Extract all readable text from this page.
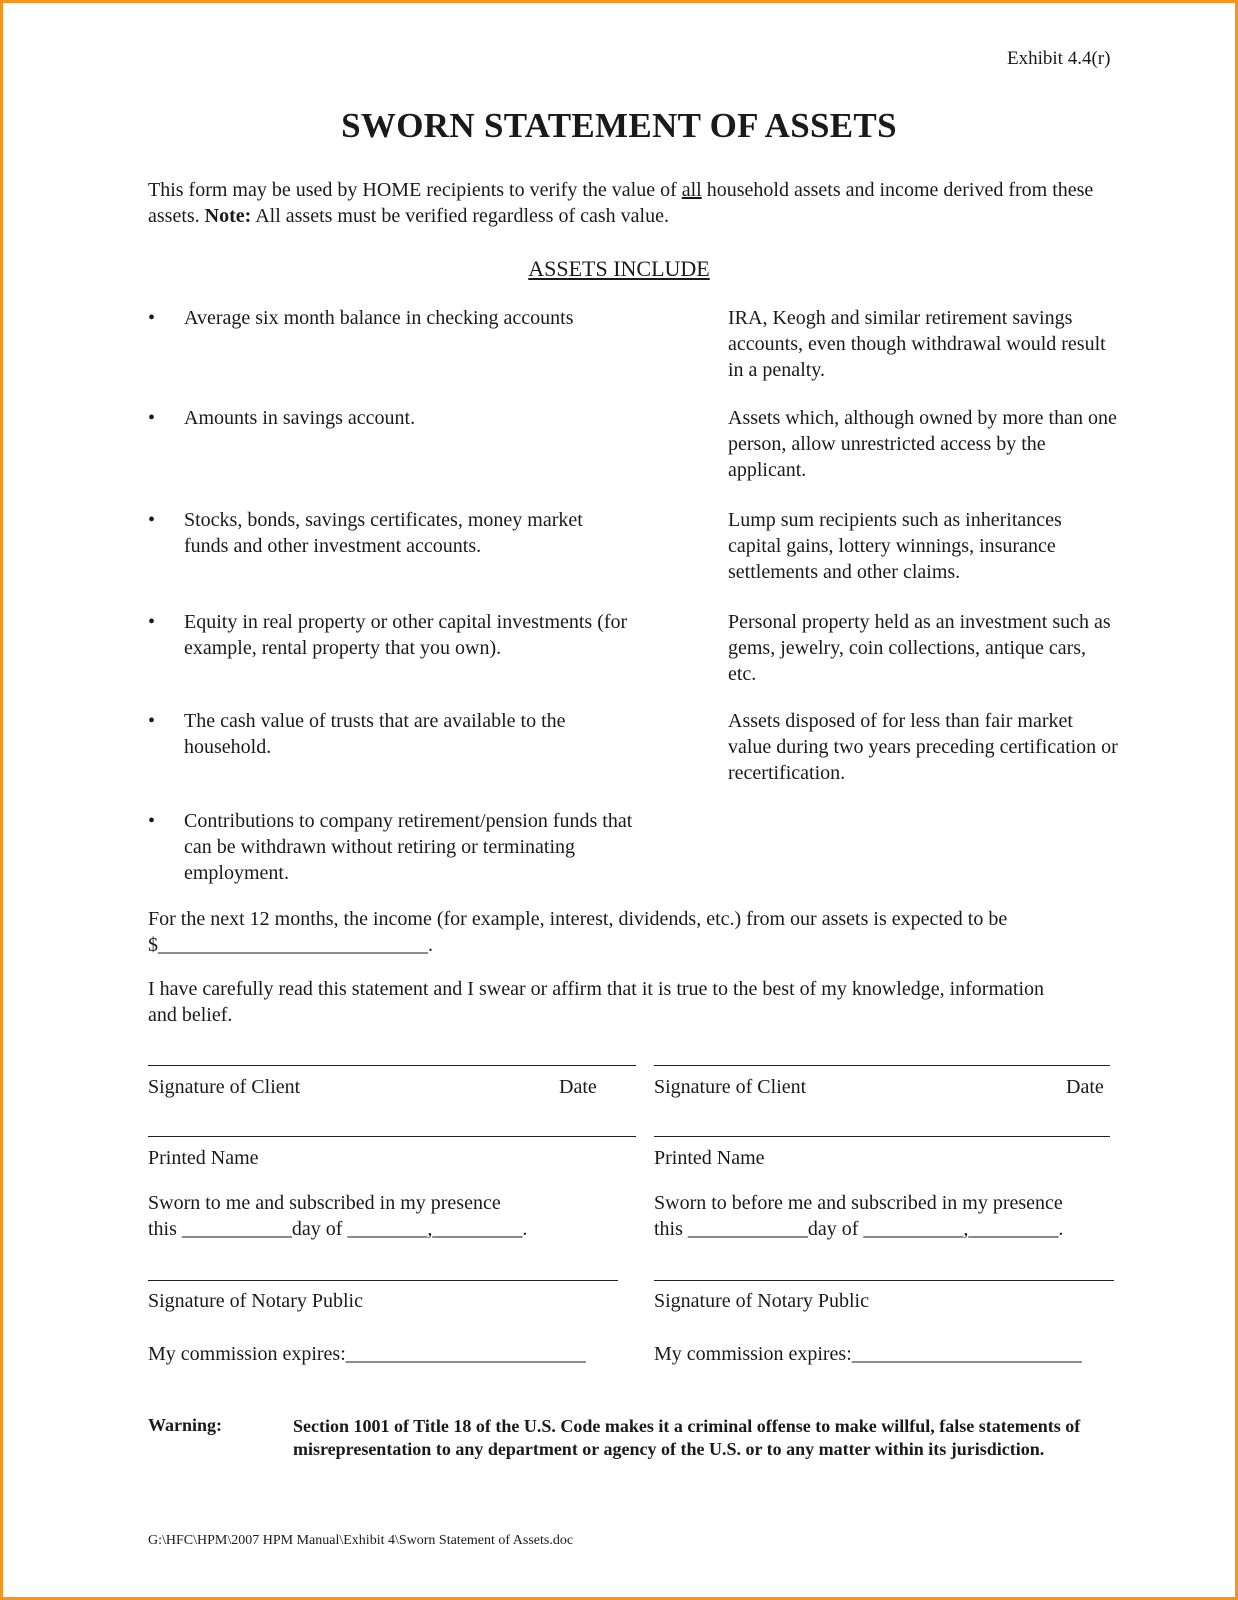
Exhibit 4.4(r)
SWORN STATEMENT OF ASSETS
This form may be used by HOME recipients to verify the value of all household assets and income derived from these assets. Note: All assets must be verified regardless of cash value.
ASSETS INCLUDE
• Average six month balance in checking accounts
• Amounts in savings account.
• Stocks, bonds, savings certificates, money market funds and other investment accounts.
• Equity in real property or other capital investments (for example, rental property that you own).
• The cash value of trusts that are available to the household.
• Contributions to company retirement/pension funds that can be withdrawn without retiring or terminating employment.
IRA, Keogh and similar retirement savings accounts, even though withdrawal would result in a penalty.
Assets which, although owned by more than one person, allow unrestricted access by the applicant.
Lump sum recipients such as inheritances capital gains, lottery winnings, insurance settlements and other claims.
Personal property held as an investment such as gems, jewelry, coin collections, antique cars, etc.
Assets disposed of for less than fair market value during two years preceding certification or recertification.
For the next 12 months, the income (for example, interest, dividends, etc.) from our assets is expected to be
$___________________________.
I have carefully read this statement and I swear or affirm that it is true to the best of my knowledge, information and belief.
Signature of Client	Date
Printed Name
Sworn to me and subscribed in my presence
this ___________day of ________,_________.
Signature of Notary Public
My commission expires:________________________
Signature of Client	Date
Printed Name
Sworn to before me and subscribed in my presence
this ____________day of __________,_________.
Signature of Notary Public
My commission expires:_______________________
Warning:	Section 1001 of Title 18 of the U.S. Code makes it a criminal offense to make willful, false statements of misrepresentation to any department or agency of the U.S. or to any matter within its jurisdiction.
G:\HFC\HPM\2007 HPM Manual\Exhibit 4\Sworn Statement of Assets.doc
